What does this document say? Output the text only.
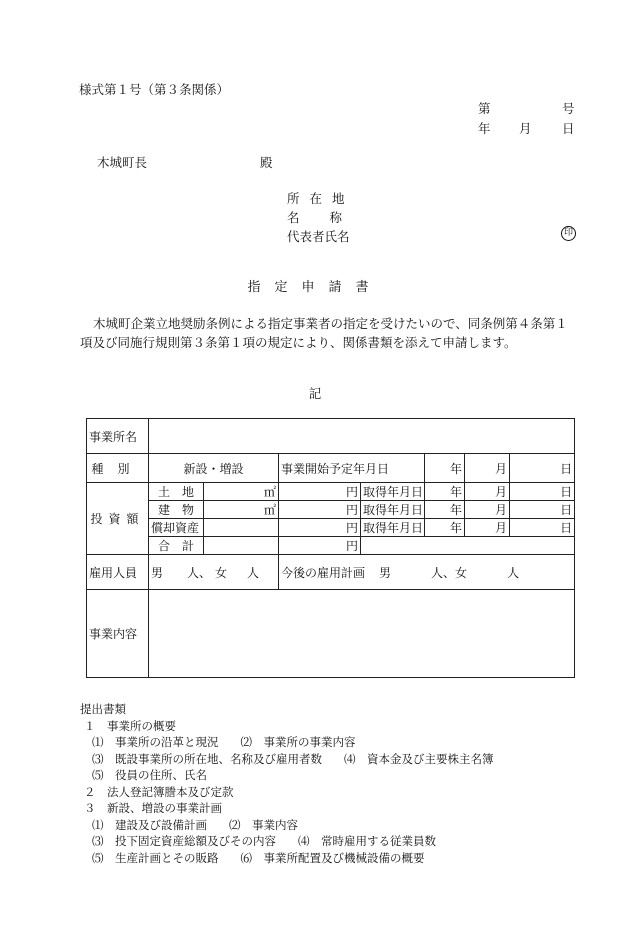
様式第１号（第３条関係）
第	号
年 月 日
木城町長	殿
所在地
名 称
代表者氏名	印
指定申請書
木城町企業立地奨励条例による指定事業者の指定を受けたいので、同条例第４条第１項及び同施行規則第３条第１項の規定により、関係書類を添えて申請します。
記
事業所名							
種別	新設・増設		事業開始予定年月日		年	月	日
投資額	土　地	㎡	円	取得年月日	年	月	日
	建　物	㎡	円	取得年月日	年	月	日
	償却資産		円	取得年月日	年	月	日
	合　計		円				
雇用人員	男 人、 女 人		今後の雇用計画 男 人、女 人				
事業内容							
提出書類
１　事業所の概要
⑴　事業所の沿革と現況 ⑵　事業所の事業内容
⑶　既設事業所の所在地、名称及び雇用者数 ⑷　資本金及び主要株主名簿
⑸　役員の住所、氏名
２　法人登記簿謄本及び定款
３　新設、増設の事業計画
⑴　建設及び設備計画 ⑵　事業内容
⑶　投下固定資産総額及びその内容 ⑷　常時雇用する従業員数
⑸　生産計画とその販路 ⑹　事業所配置及び機械設備の概要
